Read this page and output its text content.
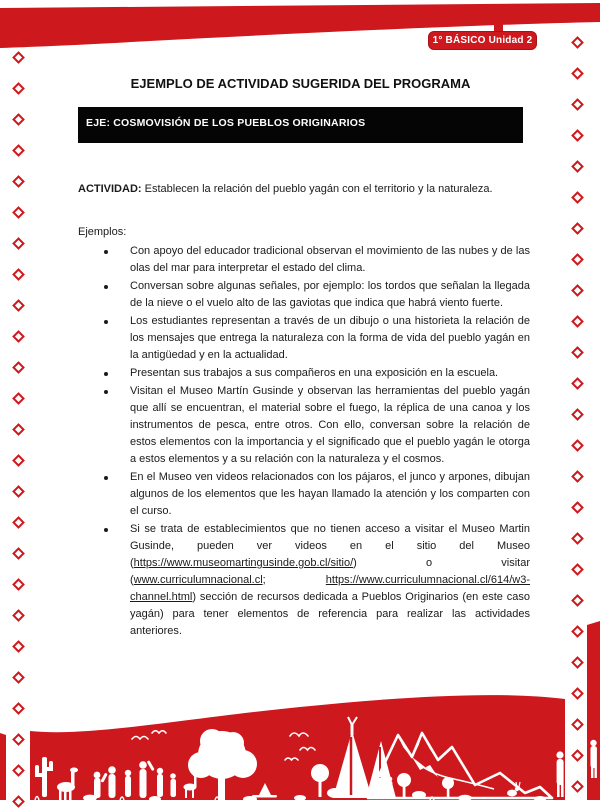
1° BÁSICO Unidad 2
EJEMPLO DE ACTIVIDAD SUGERIDA DEL PROGRAMA
EJE: COSMOVISIÓN DE LOS PUEBLOS ORIGINARIOS
ACTIVIDAD: Establecen la relación del pueblo yagán con el territorio y la naturaleza.
Ejemplos:
Con apoyo del educador tradicional observan el movimiento de las nubes y de las olas del mar para interpretar el estado del clima.
Conversan sobre algunas señales, por ejemplo: los tordos que señalan la llegada de la nieve o el vuelo alto de las gaviotas que indica que habrá viento fuerte.
Los estudiantes representan a través de un dibujo o una historieta la relación de los mensajes que entrega la naturaleza con la forma de vida del pueblo yagán en la antigüedad y en la actualidad.
Presentan sus trabajos a sus compañeros en una exposición en la escuela.
Visitan el Museo Martín Gusinde y observan las herramientas del pueblo yagán que allí se encuentran, el material sobre el fuego, la réplica de una canoa y los instrumentos de pesca, entre otros. Con ello, conversan sobre la relación de estos elementos con la importancia y el significado que el pueblo yagán le otorga a estos elementos y a su relación con la naturaleza y el cosmos.
En el Museo ven videos relacionados con los pájaros, el junco y arpones, dibujan algunos de los elementos que les hayan llamado la atención y los comparten con el curso.
Si se trata de establecimientos que no tienen acceso a visitar el Museo Martin Gusinde, pueden ver videos en el sitio del Museo (https://www.museomartingusinde.gob.cl/sitio/) o visitar (www.curriculumnacional.cl; https://www.curriculumnacional.cl/614/w3-channel.html) sección de recursos dedicada a Pueblos Originarios (en este caso yagán) para tener elementos de referencia para realizar las actividades anteriores.
